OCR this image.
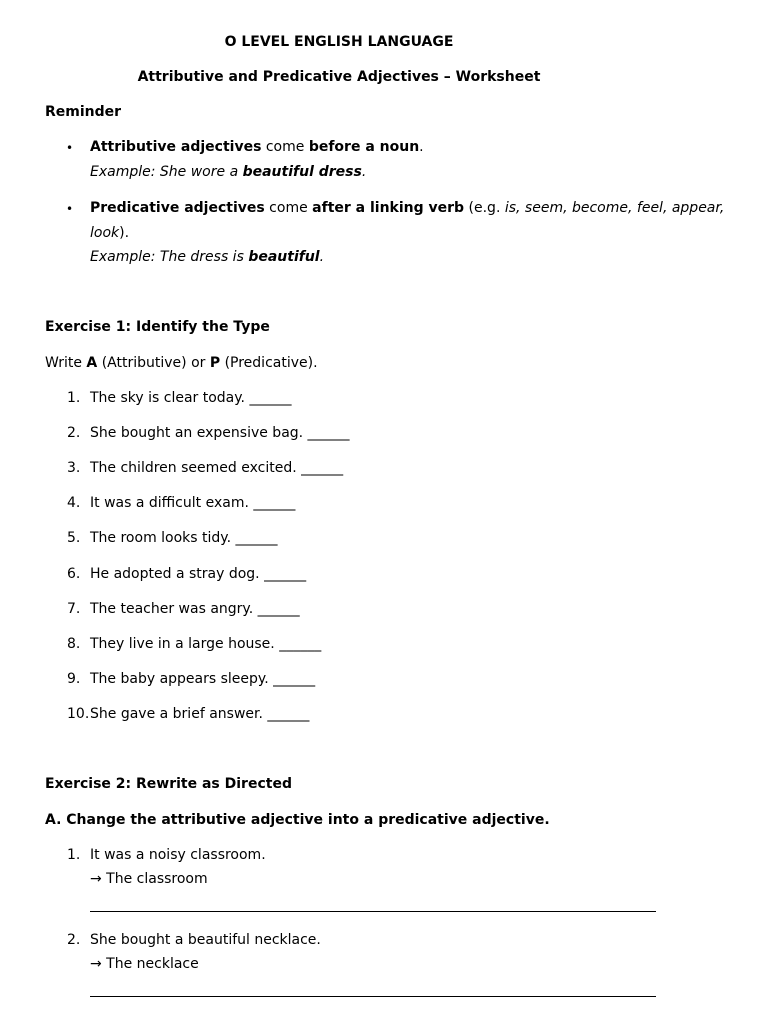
O LEVEL ENGLISH LANGUAGE
Attributive and Predicative Adjectives – Worksheet
Reminder
• Attributive adjectives come before a noun.
Example: She wore a beautiful dress.
• Predicative adjectives come after a linking verb (e.g. is, seem, become, feel, appear,
look).
Example: The dress is beautiful.
Exercise 1: Identify the Type
Write A (Attributive) or P (Predicative).
1. The sky is clear today. ______
2. She bought an expensive bag. ______
3. The children seemed excited. ______
4. It was a difficult exam. ______
5. The room looks tidy. ______
6. He adopted a stray dog. ______
7. The teacher was angry. ______
8. They live in a large house. ______
9. The baby appears sleepy. ______
10. She gave a brief answer. ______
Exercise 2: Rewrite as Directed
A. Change the attributive adjective into a predicative adjective.
1. It was a noisy classroom.
→ The classroom
2. She bought a beautiful necklace.
→ The necklace
